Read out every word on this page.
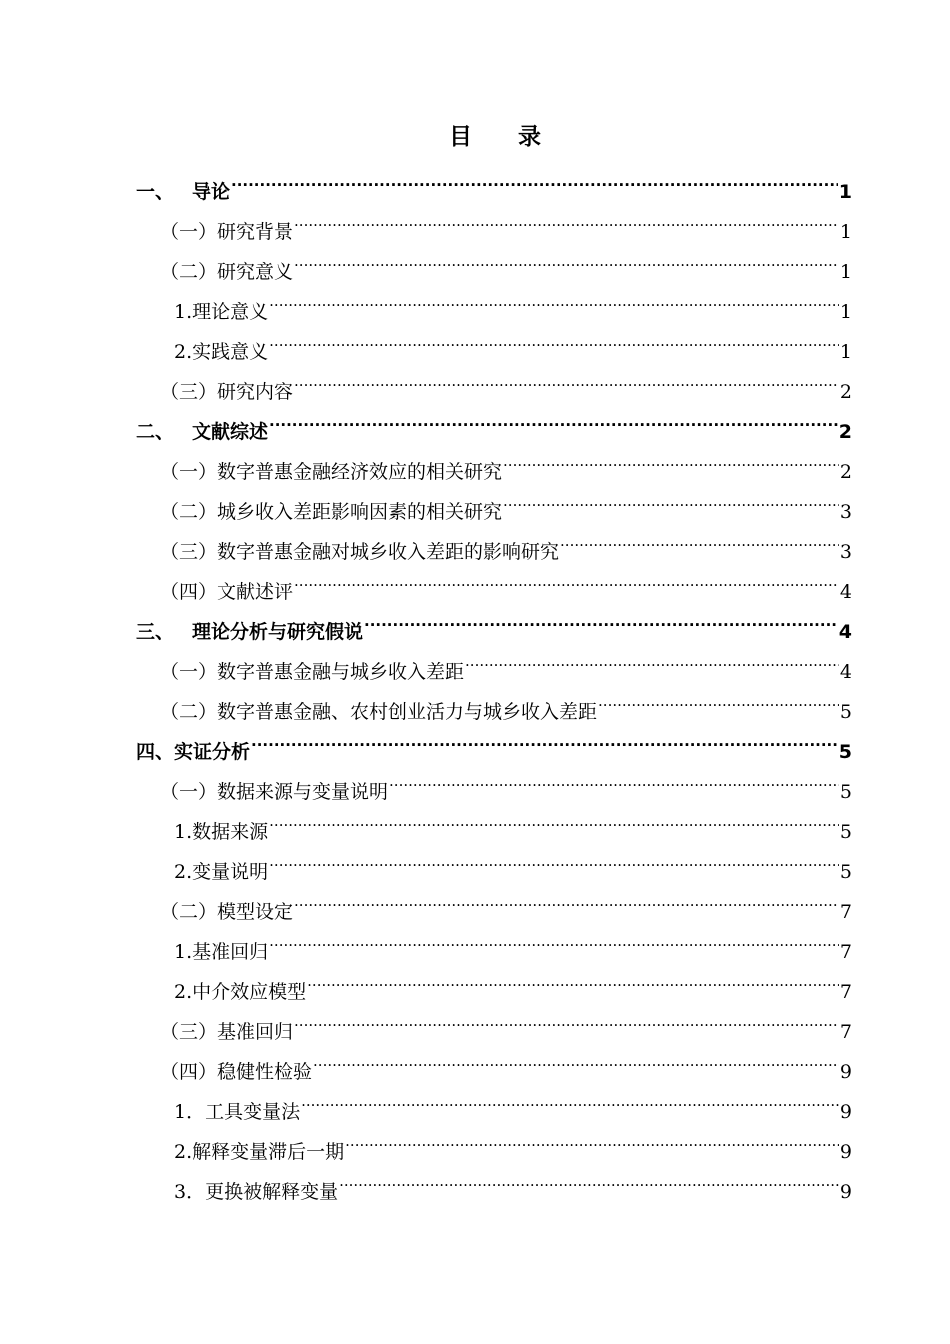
目 录
一、 导论 .....	1
（一） 研究背景 .....	1
（二） 研究意义 .....	1
1. 理论意义 .....	1
2. 实践意义 .....	1
（三） 研究内容 .....	2
二、 文献综述 .....	2
（一） 数字普惠金融经济效应的相关研究 .....	2
（二） 城乡收入差距影响因素的相关研究 .....	3
（三） 数字普惠金融对城乡收入差距的影响研究 .....	3
（四） 文献述评 .....	4
三、 理论分析与研究假说 .....	4
（一） 数字普惠金融与城乡收入差距 .....	4
（二） 数字普惠金融、农村创业活力与城乡收入差距 .....	5
四、 实证分析 .....	5
（一） 数据来源与变量说明 .....	5
1. 数据来源 .....	5
2. 变量说明 .....	5
（二） 模型设定 .....	7
1. 基准回归 .....	7
2. 中介效应模型 .....	7
（三） 基准回归 .....	7
（四） 稳健性检验 .....	9
1． 工具变量法 .....	9
2. 解释变量滞后一期 .....	9
3． 更换被解释变量 .....	9
